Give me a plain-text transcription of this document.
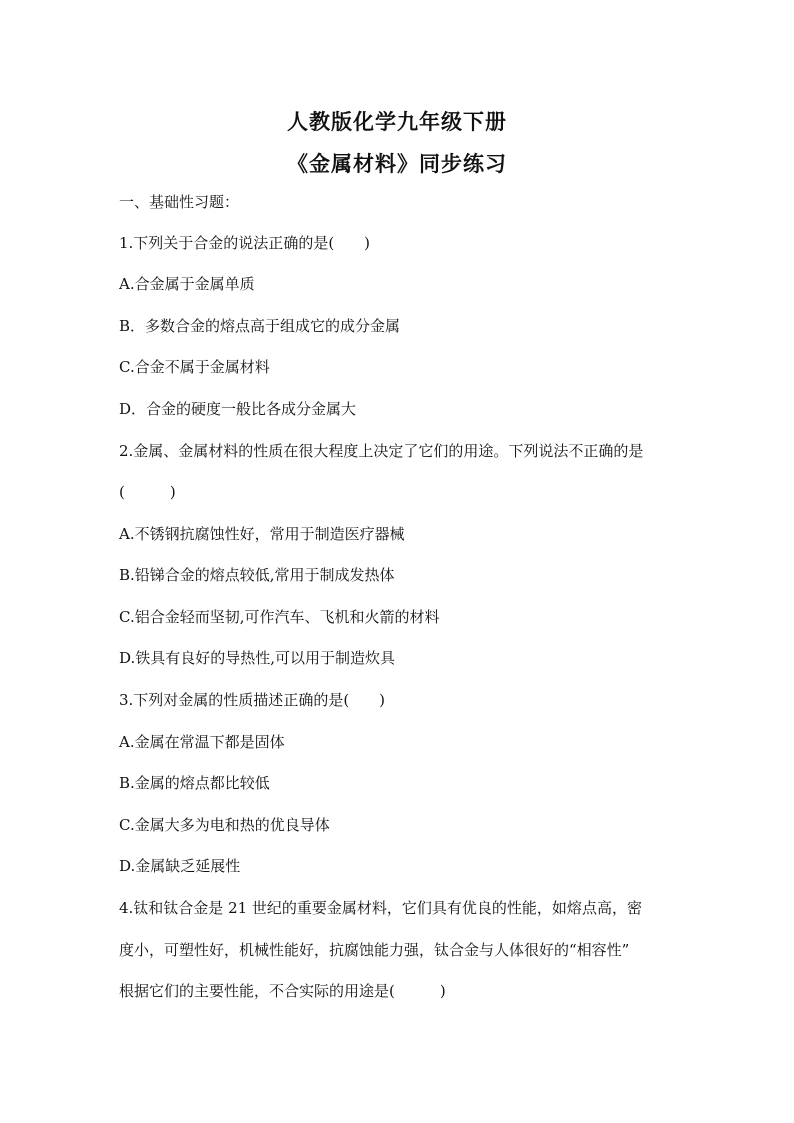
人教版化学九年级下册
《金属材料》同步练习
一、基础性习题：
1.下列关于合金的说法正确的是(　　)
A.合金属于金属单质
B．多数合金的熔点高于组成它的成分金属
C.合金不属于金属材料
D．合金的硬度一般比各成分金属大
2.金属、金属材料的性质在很大程度上决定了它们的用途。下列说法不正确的是
(　　　)
A.不锈钢抗腐蚀性好，常用于制造医疗器械
B.铅锑合金的熔点较低,常用于制成发热体
C.铝合金轻而坚韧,可作汽车、飞机和火箭的材料
D.铁具有良好的导热性,可以用于制造炊具
3.下列对金属的性质描述正确的是(　　)
A.金属在常温下都是固体
B.金属的熔点都比较低
C.金属大多为电和热的优良导体
D.金属缺乏延展性
4.钛和钛合金是 21 世纪的重要金属材料，它们具有优良的性能，如熔点高，密
度小，可塑性好，机械性能好，抗腐蚀能力强，钛合金与人体很好的“相容性”
根据它们的主要性能，不合实际的用途是(　　　)
